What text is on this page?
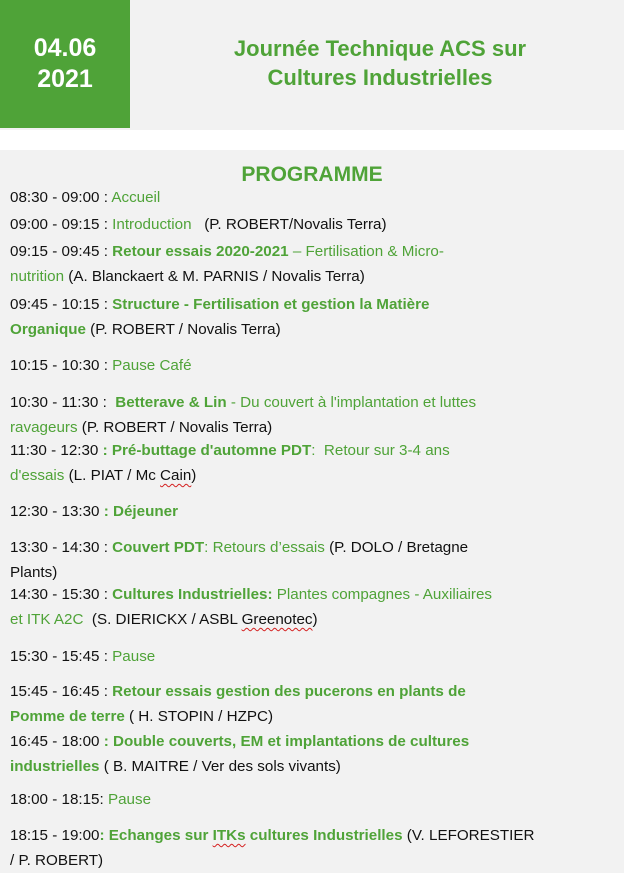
04.06
2021
Journée Technique ACS sur
Cultures Industrielles
PROGRAMME
08:30 - 09:00 : Accueil
09:00 - 09:15 : Introduction   (P. ROBERT/Novalis Terra)
09:15 - 09:45 : Retour essais 2020-2021 – Fertilisation & Micro-
nutrition (A. Blanckaert & M. PARNIS / Novalis Terra)
09:45 - 10:15 : Structure - Fertilisation et gestion la Matière
Organique (P. ROBERT / Novalis Terra)
10:15 - 10:30 : Pause Café
10:30 - 11:30 :  Betterave & Lin - Du couvert à l'implantation et luttes
ravageurs (P. ROBERT / Novalis Terra)
11:30 - 12:30 : Pré-buttage d'automne PDT:  Retour sur 3-4 ans
d'essais (L. PIAT / Mc Cain)
12:30 - 13:30 : Déjeuner
13:30 - 14:30 : Couvert PDT: Retours d’essais (P. DOLO / Bretagne
Plants)
14:30 - 15:30 : Cultures Industrielles: Plantes compagnes - Auxiliaires
et ITK A2C  (S. DIERICKX / ASBL Greenotec)
15:30 - 15:45 : Pause
15:45 - 16:45 : Retour essais gestion des pucerons en plants de
Pomme de terre ( H. STOPIN / HZPC)
16:45 - 18:00 : Double couverts, EM et implantations de cultures
industrielles ( B. MAITRE / Ver des sols vivants)
18:00 - 18:15: Pause
18:15 - 19:00: Echanges sur ITKs cultures Industrielles (V. LEFORESTIER
/ P. ROBERT)
